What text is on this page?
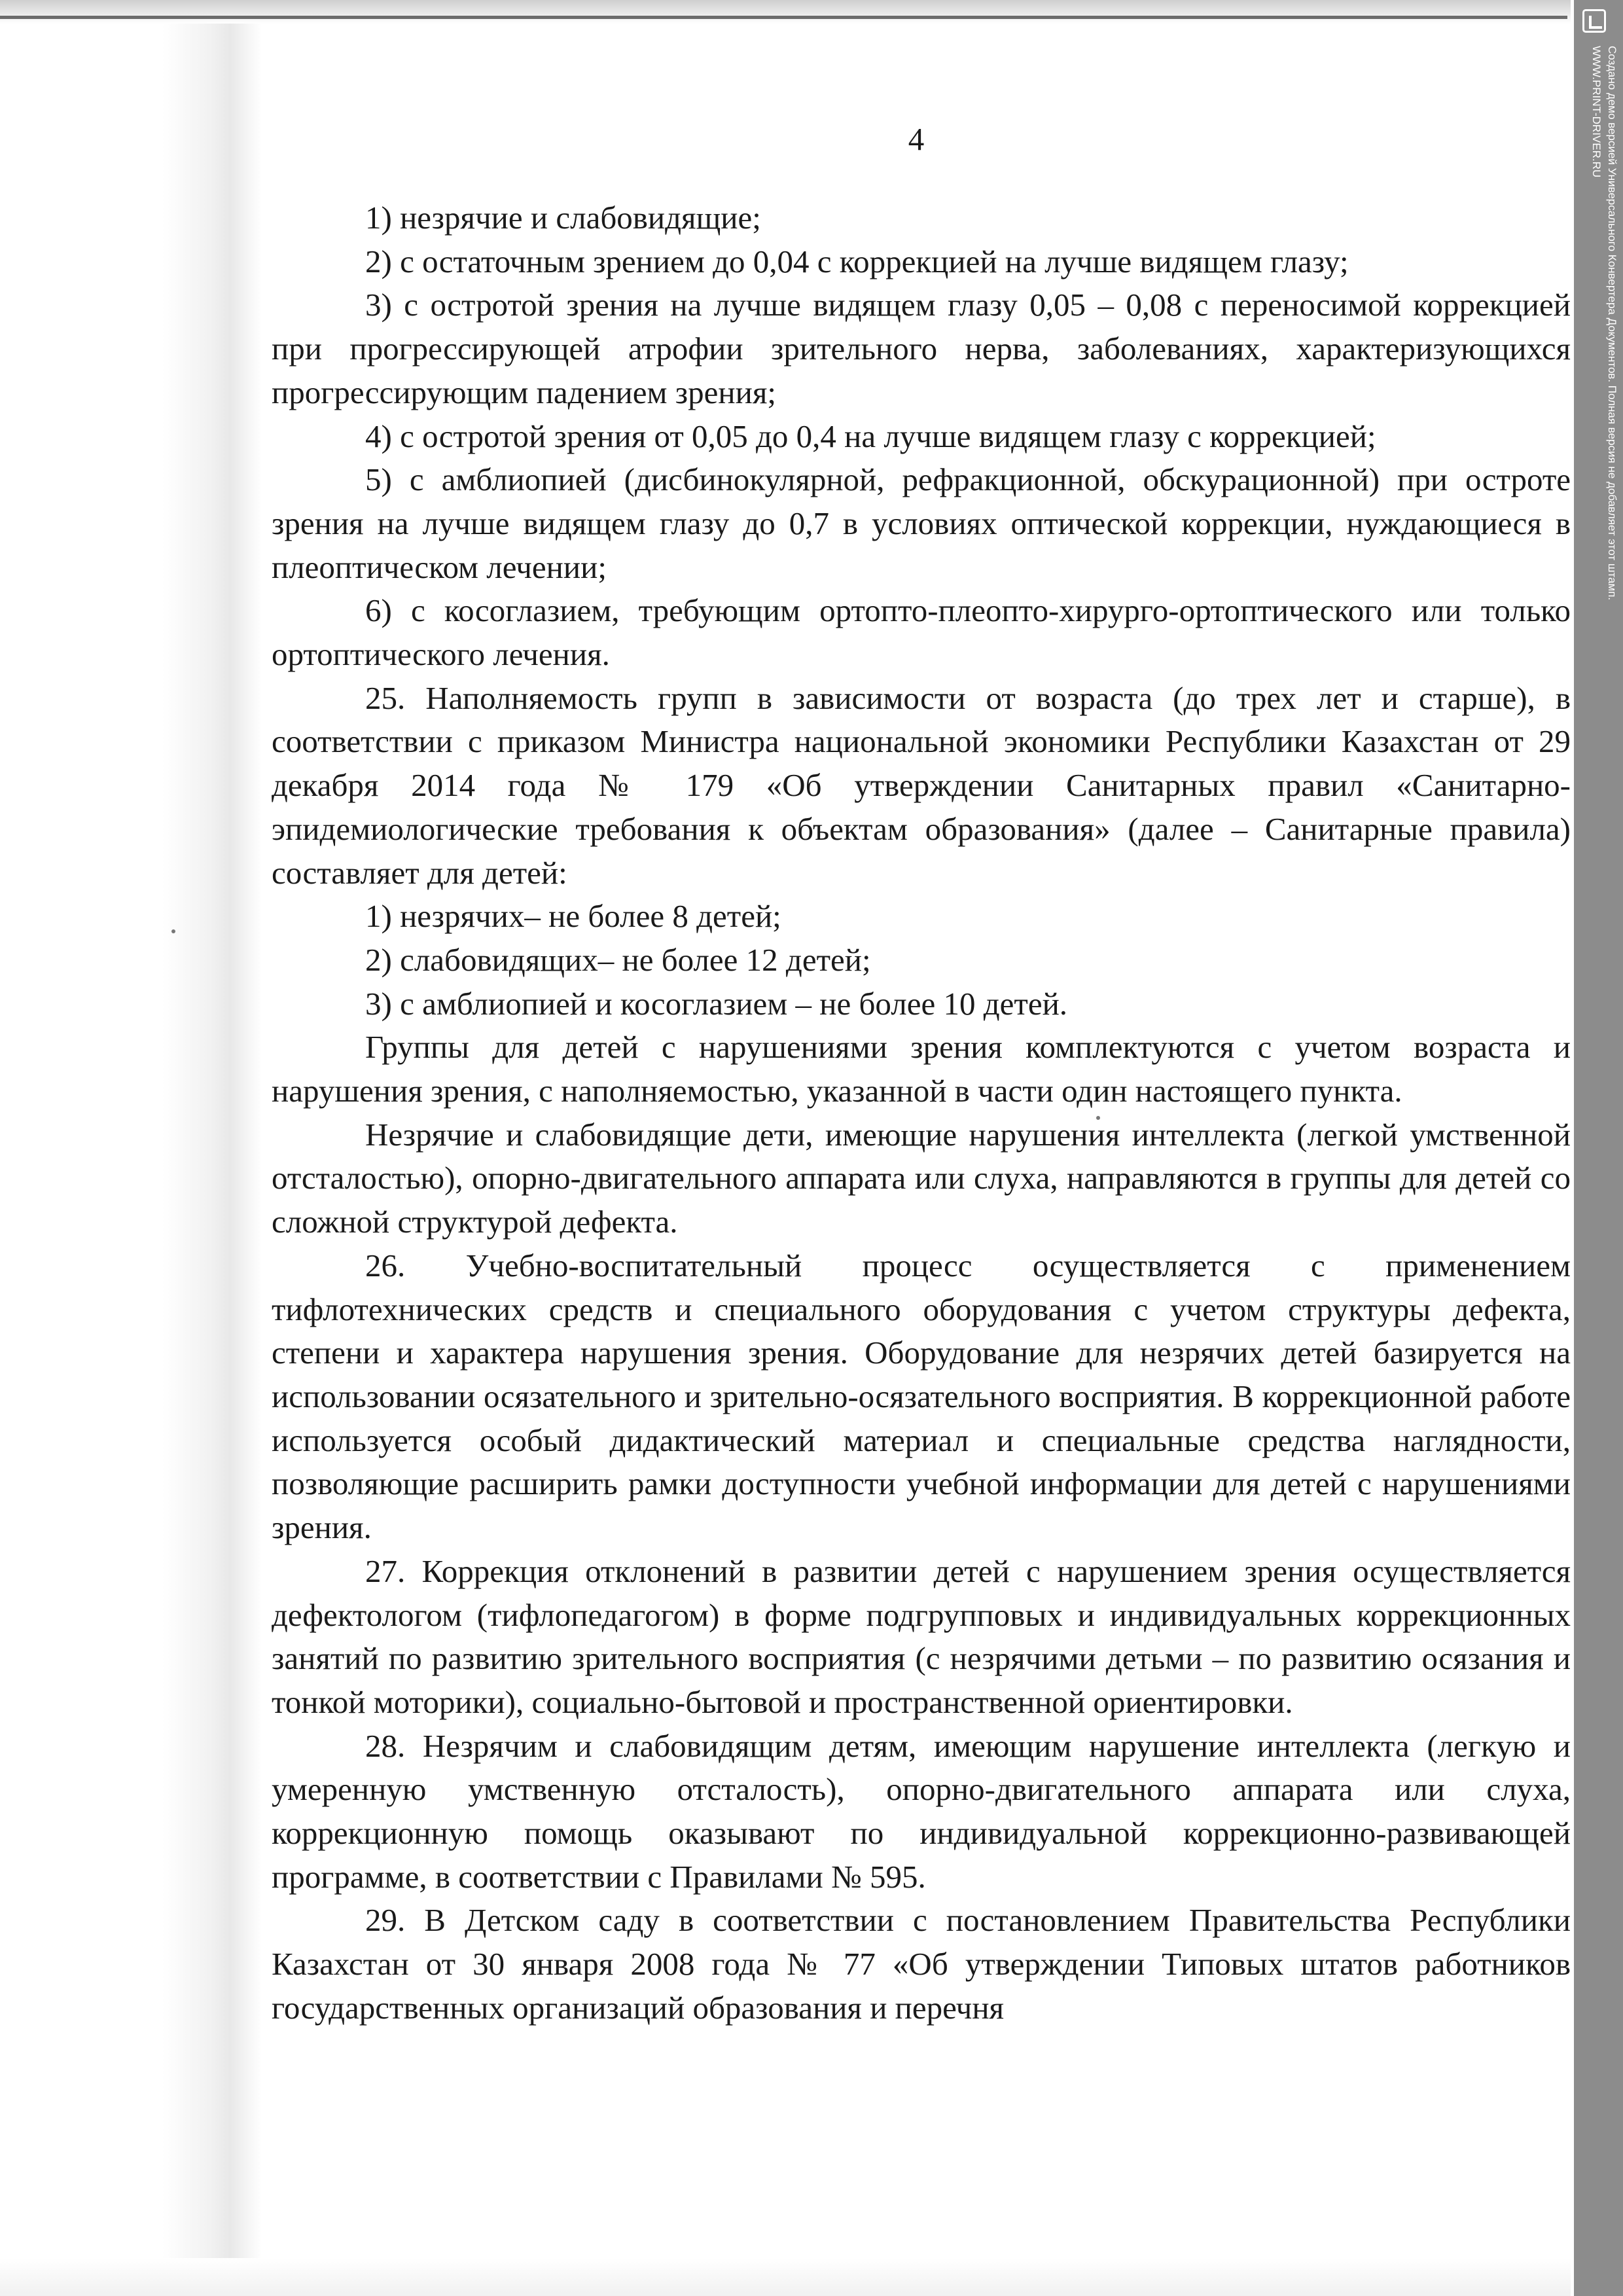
4

1) незрячие и слабовидящие;

2) с остаточным зрением до 0,04 с коррекцией на лучше видящем глазу;

3) с остротой зрения на лучше видящем глазу 0,05 – 0,08 с переносимой коррекцией при прогрессирующей атрофии зрительного нерва, заболеваниях, характеризующихся прогрессирующим падением зрения;

4) с остротой зрения от 0,05 до 0,4 на лучше видящем глазу с коррекцией;

5) с амблиопией (дисбинокулярной, рефракционной, обскурационной) при остроте зрения на лучше видящем глазу до 0,7 в условиях оптической коррекции, нуждающиеся в плеоптическом лечении;

6) с косоглазием, требующим ортопто-плеопто-хирурго-ортоптического или только ортоптического лечения.

25. Наполняемость групп в зависимости от возраста (до трех лет и старше), в соответствии с приказом Министра национальной экономики Республики Казахстан от 29 декабря 2014 года № 179 «Об утверждении Санитарных правил «Санитарно-эпидемиологические требования к объектам образования» (далее – Санитарные правила) составляет для детей:

1) незрячих– не более 8 детей;

2) слабовидящих– не более 12 детей;

3) с амблиопией и косоглазием – не более 10 детей.

Группы для детей с нарушениями зрения комплектуются с учетом возраста и нарушения зрения, с наполняемостью, указанной в части один настоящего пункта.

Незрячие и слабовидящие дети, имеющие нарушения интеллекта (легкой умственной отсталостью), опорно-двигательного аппарата или слуха, направляются в группы для детей со сложной структурой дефекта.

26. Учебно-воспитательный процесс осуществляется с применением тифлотехнических средств и специального оборудования с учетом структуры дефекта, степени и характера нарушения зрения. Оборудование для незрячих детей базируется на использовании осязательного и зрительно-осязательного восприятия. В коррекционной работе используется особый дидактический материал и специальные средства наглядности, позволяющие расширить рамки доступности учебной информации для детей с нарушениями зрения.

27. Коррекция отклонений в развитии детей с нарушением зрения осуществляется дефектологом (тифлопедагогом) в форме подгрупповых и индивидуальных коррекционных занятий по развитию зрительного восприятия (с незрячими детьми – по развитию осязания и тонкой моторики), социально-бытовой и пространственной ориентировки.

28. Незрячим и слабовидящим детям, имеющим нарушение интеллекта (легкую и умеренную умственную отсталость), опорно-двигательного аппарата или слуха, коррекционную помощь оказывают по индивидуальной коррекционно-развивающей программе, в соответствии с Правилами № 595.

29. В Детском саду в соответствии с постановлением Правительства Республики Казахстан от 30 января 2008 года № 77 «Об утверждении Типовых штатов работников государственных организаций образования и перечня

Создано демо версией Универсального Конвертера Документов. Полная версия не добавляет этот штамп.
WWW.PRINT-DRIVER.RU
